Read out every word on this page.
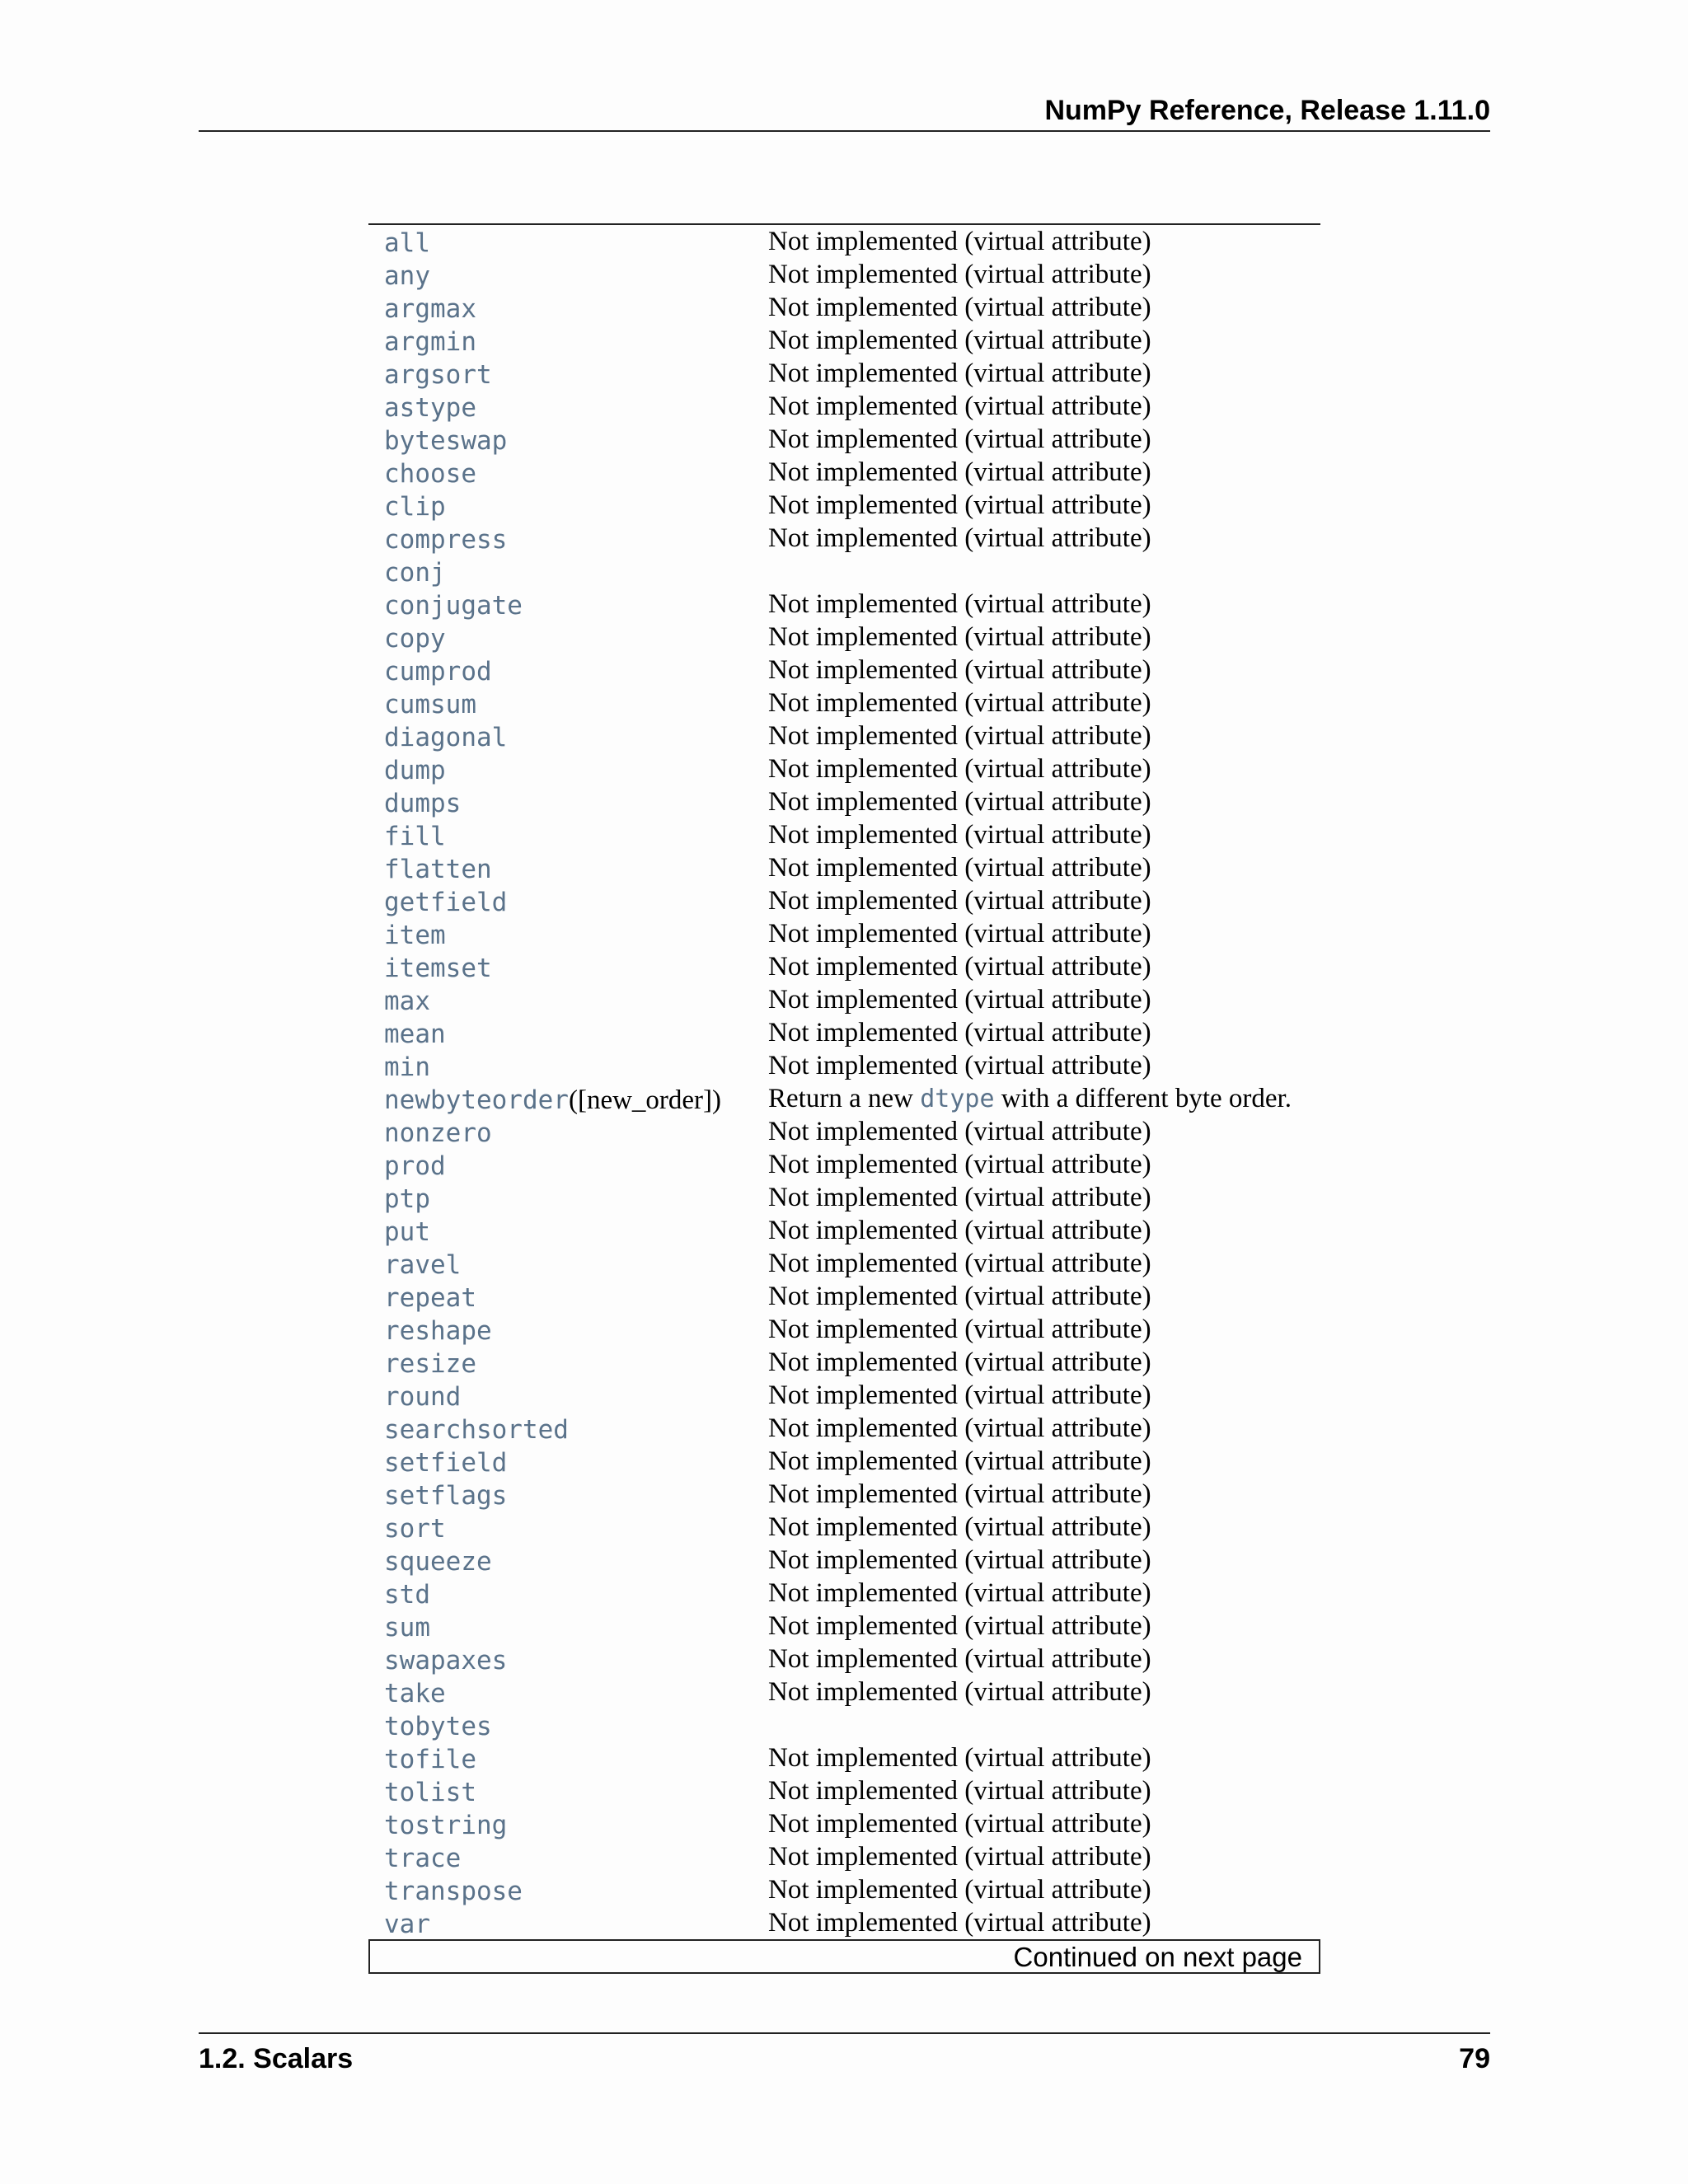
NumPy Reference, Release 1.11.0
all	Not implemented (virtual attribute)
any	Not implemented (virtual attribute)
argmax	Not implemented (virtual attribute)
argmin	Not implemented (virtual attribute)
argsort	Not implemented (virtual attribute)
astype	Not implemented (virtual attribute)
byteswap	Not implemented (virtual attribute)
choose	Not implemented (virtual attribute)
clip	Not implemented (virtual attribute)
compress	Not implemented (virtual attribute)
conj
conjugate	Not implemented (virtual attribute)
copy	Not implemented (virtual attribute)
cumprod	Not implemented (virtual attribute)
cumsum	Not implemented (virtual attribute)
diagonal	Not implemented (virtual attribute)
dump	Not implemented (virtual attribute)
dumps	Not implemented (virtual attribute)
fill	Not implemented (virtual attribute)
flatten	Not implemented (virtual attribute)
getfield	Not implemented (virtual attribute)
item	Not implemented (virtual attribute)
itemset	Not implemented (virtual attribute)
max	Not implemented (virtual attribute)
mean	Not implemented (virtual attribute)
min	Not implemented (virtual attribute)
newbyteorder([new_order]) Return a new dtype with a different byte order.
nonzero	Not implemented (virtual attribute)
prod	Not implemented (virtual attribute)
ptp	Not implemented (virtual attribute)
put	Not implemented (virtual attribute)
ravel	Not implemented (virtual attribute)
repeat	Not implemented (virtual attribute)
reshape	Not implemented (virtual attribute)
resize	Not implemented (virtual attribute)
round	Not implemented (virtual attribute)
searchsorted	Not implemented (virtual attribute)
setfield	Not implemented (virtual attribute)
setflags	Not implemented (virtual attribute)
sort	Not implemented (virtual attribute)
squeeze	Not implemented (virtual attribute)
std	Not implemented (virtual attribute)
sum	Not implemented (virtual attribute)
swapaxes	Not implemented (virtual attribute)
take	Not implemented (virtual attribute)
tobytes
tofile	Not implemented (virtual attribute)
tolist	Not implemented (virtual attribute)
tostring	Not implemented (virtual attribute)
trace	Not implemented (virtual attribute)
transpose	Not implemented (virtual attribute)
var	Not implemented (virtual attribute)
Continued on next page
1.2. Scalars	79
